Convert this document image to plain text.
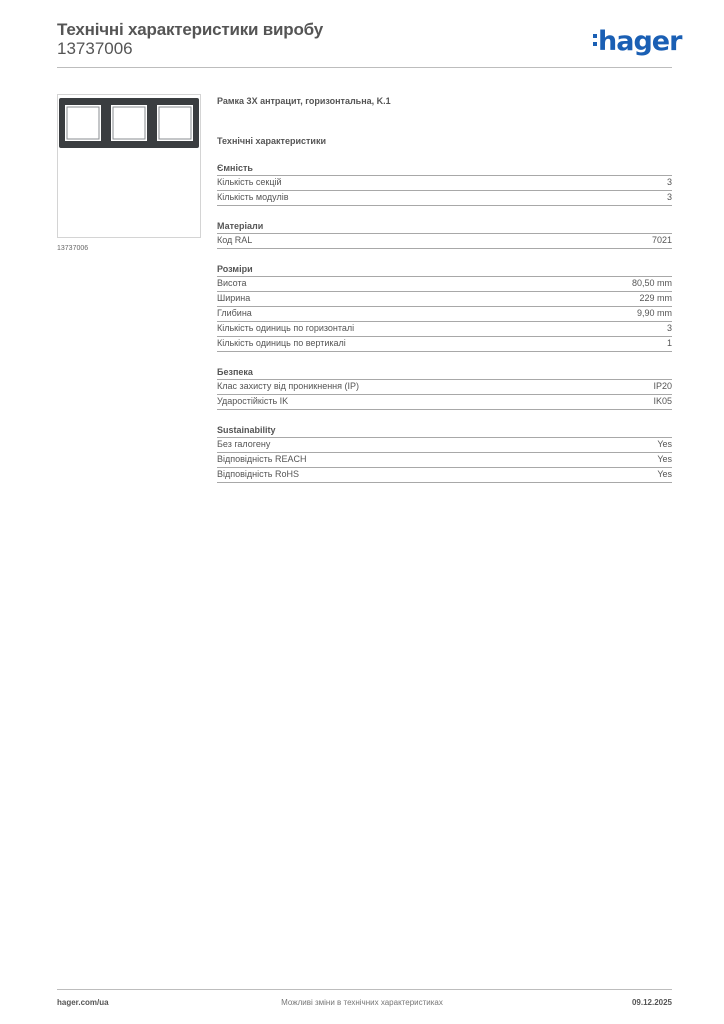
Технічні характеристики виробу
13737006	hager
13737006
Рамка 3Х антрацит, горизонтальна, K.1
Технічні характеристики
Ємність
Кількість секцій	3
Кількість модулів	3
Матеріали
Код RAL	7021
Розміри
Висота	80,50 mm
Ширина	229 mm
Глибина	9,90 mm
Кількість одиниць по горизонталі	3
Кількість одиниць по вертикалі	1
Безпека
Клас захисту від проникнення (IP)	IP20
Ударостійкість IK	IK05
Sustainability
Без галогену	Yes
Відповідність REACH	Yes
Відповідність RoHS	Yes
hager.com/ua	Можливі зміни в технічних характеристиках	09.12.2025
